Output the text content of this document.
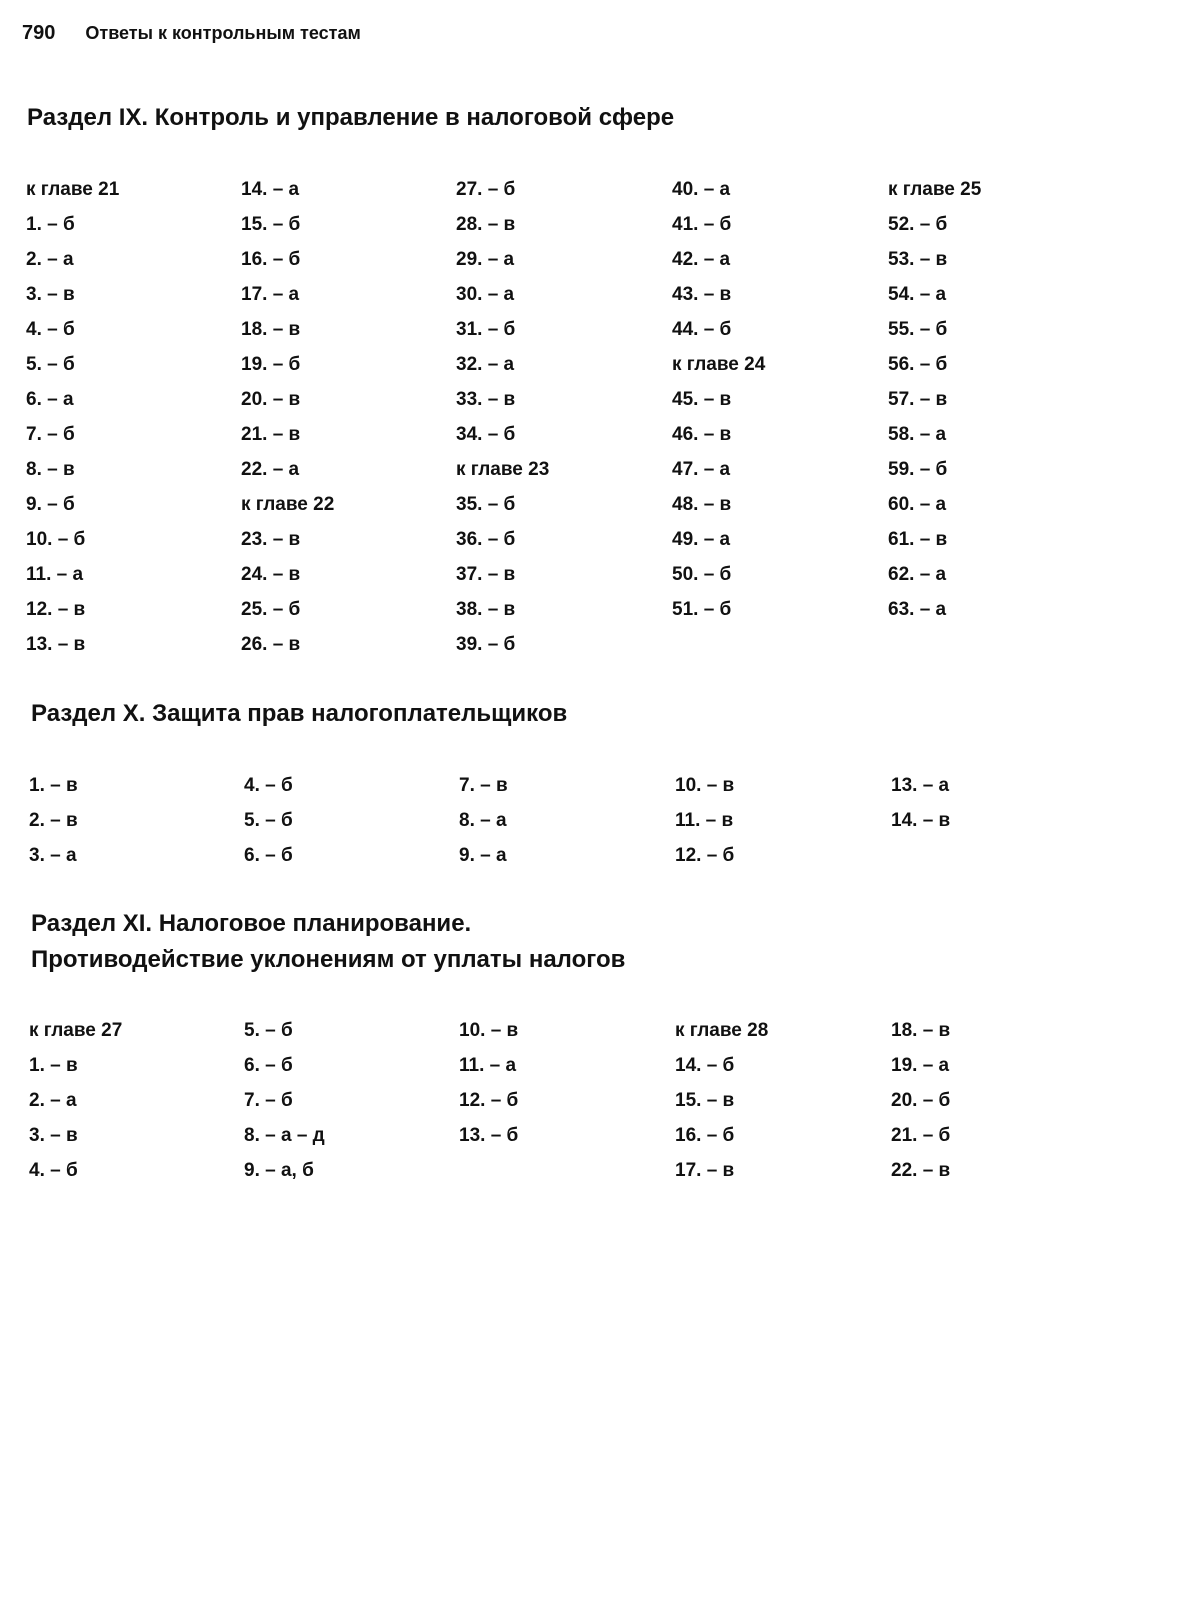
790 Ответы к контрольным тестам
Раздел IX. Контроль и управление в налоговой сфере
к главе 21
1. – б
2. – а
3. – в
4. – б
5. – б
6. – а
7. – б
8. – в
9. – б
10. – б
11. – а
12. – в
13. – в
14. – а
15. – б
16. – б
17. – а
18. – в
19. – б
20. – в
21. – в
22. – а
к главе 22
23. – в
24. – в
25. – б
26. – в
27. – б
28. – в
29. – а
30. – а
31. – б
32. – а
33. – в
34. – б
к главе 23
35. – б
36. – б
37. – в
38. – в
39. – б
40. – а
41. – б
42. – а
43. – в
44. – б
к главе 24
45. – в
46. – в
47. – а
48. – в
49. – а
50. – б
51. – б
к главе 25
52. – б
53. – в
54. – а
55. – б
56. – б
57. – в
58. – а
59. – б
60. – а
61. – в
62. – а
63. – а
Раздел X. Защита прав налогоплательщиков
1. – в
2. – в
3. – а
4. – б
5. – б
6. – б
7. – в
8. – а
9. – а
10. – в
11. – в
12. – б
13. – а
14. – в
Раздел XI. Налоговое планирование.
Противодействие уклонениям от уплаты налогов
к главе 27
1. – в
2. – а
3. – в
4. – б
5. – б
6. – б
7. – б
8. – а – д
9. – а, б
10. – в
11. – а
12. – б
13. – б
к главе 28
14. – б
15. – в
16. – б
17. – в
18. – в
19. – а
20. – б
21. – б
22. – в
